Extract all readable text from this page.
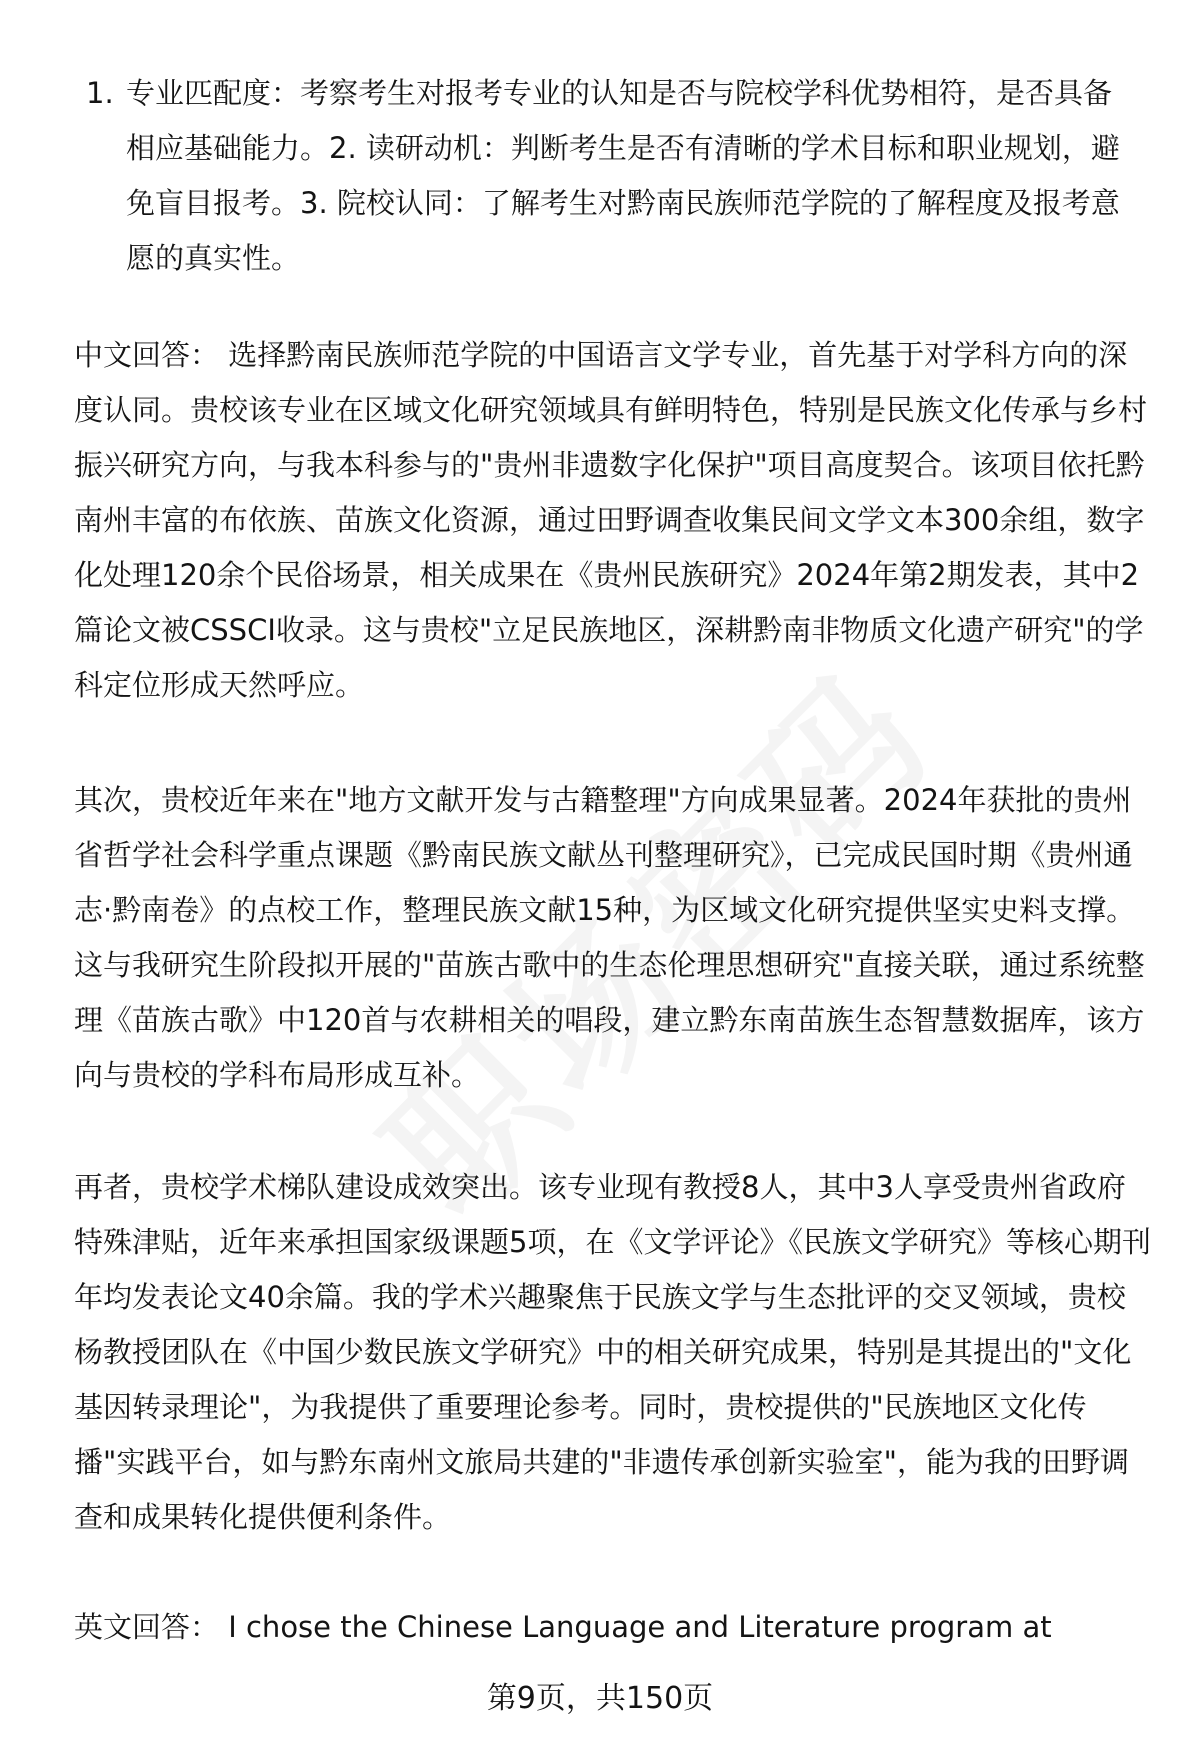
1. 专业匹配度：考察考生对报考专业的认知是否与院校学科优势相符，是否具备相应基础能力。2. 读研动机：判断考生是否有清晰的学术目标和职业规划，避免盲目报考。3. 院校认同：了解考生对黔南民族师范学院的了解程度及报考意愿的真实性。

中文回答： 选择黔南民族师范学院的中国语言文学专业，首先基于对学科方向的深度认同。贵校该专业在区域文化研究领域具有鲜明特色，特别是民族文化传承与乡村振兴研究方向，与我本科参与的"贵州非遗数字化保护"项目高度契合。该项目依托黔南州丰富的布依族、苗族文化资源，通过田野调查收集民间文学文本300余组，数字化处理120余个民俗场景，相关成果在《贵州民族研究》2024年第2期发表，其中2篇论文被CSSCI收录。这与贵校"立足民族地区，深耕黔南非物质文化遗产研究"的学科定位形成天然呼应。

其次，贵校近年来在"地方文献开发与古籍整理"方向成果显著。2024年获批的贵州省哲学社会科学重点课题《黔南民族文献丛刊整理研究》，已完成民国时期《贵州通志·黔南卷》的点校工作，整理民族文献15种，为区域文化研究提供坚实史料支撑。这与我研究生阶段拟开展的"苗族古歌中的生态伦理思想研究"直接关联，通过系统整理《苗族古歌》中120首与农耕相关的唱段，建立黔东南苗族生态智慧数据库，该方向与贵校的学科布局形成互补。

再者，贵校学术梯队建设成效突出。该专业现有教授8人，其中3人享受贵州省政府特殊津贴，近年来承担国家级课题5项，在《文学评论》《民族文学研究》等核心期刊年均发表论文40余篇。我的学术兴趣聚焦于民族文学与生态批评的交叉领域，贵校杨教授团队在《中国少数民族文学研究》中的相关研究成果，特别是其提出的"文化基因转录理论"，为我提供了重要理论参考。同时，贵校提供的"民族地区文化传播"实践平台，如与黔东南州文旅局共建的"非遗传承创新实验室"，能为我的田野调查和成果转化提供便利条件。

英文回答： I chose the Chinese Language and Literature program at

第9页，共150页
